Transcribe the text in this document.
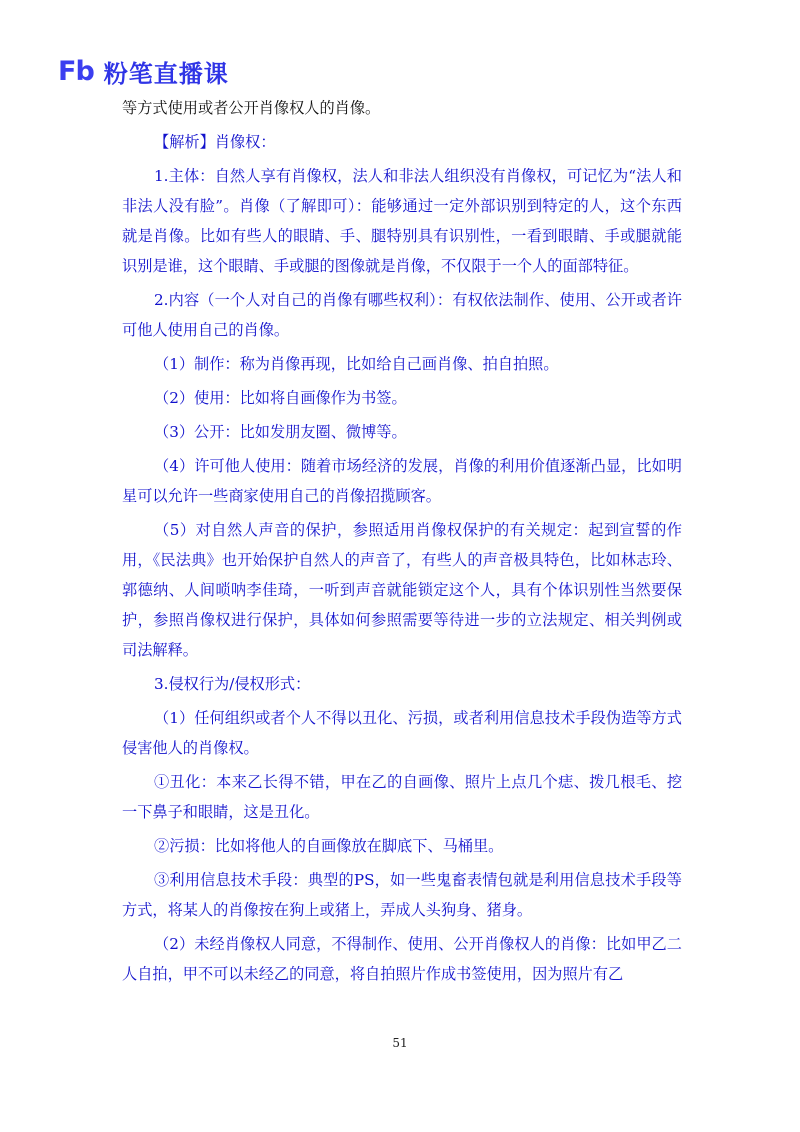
Fb 粉笔直播课

等方式使用或者公开肖像权人的肖像。

【解析】肖像权：

1.主体：自然人享有肖像权，法人和非法人组织没有肖像权，可记忆为“法人和非法人没有脸”。肖像（了解即可）：能够通过一定外部识别到特定的人，这个东西就是肖像。比如有些人的眼睛、手、腿特别具有识别性，一看到眼睛、手或腿就能识别是谁，这个眼睛、手或腿的图像就是肖像，不仅限于一个人的面部特征。

2.内容（一个人对自己的肖像有哪些权利）：有权依法制作、使用、公开或者许可他人使用自己的肖像。

（1）制作：称为肖像再现，比如给自己画肖像、拍自拍照。

（2）使用：比如将自画像作为书签。

（3）公开：比如发朋友圈、微博等。

（4）许可他人使用：随着市场经济的发展，肖像的利用价值逐渐凸显，比如明星可以允许一些商家使用自己的肖像招揽顾客。

（5）对自然人声音的保护，参照适用肖像权保护的有关规定：起到宣誓的作用，《民法典》也开始保护自然人的声音了，有些人的声音极具特色，比如林志玲、郭德纳、人间唢呐李佳琦，一听到声音就能锁定这个人，具有个体识别性当然要保护，参照肖像权进行保护，具体如何参照需要等待进一步的立法规定、相关判例或司法解释。

3.侵权行为/侵权形式：

（1）任何组织或者个人不得以丑化、污损，或者利用信息技术手段伪造等方式侵害他人的肖像权。

①丑化：本来乙长得不错，甲在乙的自画像、照片上点几个痣、拨几根毛、挖一下鼻子和眼睛，这是丑化。

②污损：比如将他人的自画像放在脚底下、马桶里。

③利用信息技术手段：典型的PS，如一些鬼畜表情包就是利用信息技术手段等方式，将某人的肖像按在狗上或猪上，弄成人头狗身、猪身。

（2）未经肖像权人同意，不得制作、使用、公开肖像权人的肖像：比如甲乙二人自拍，甲不可以未经乙的同意，将自拍照片作成书签使用，因为照片有乙

51
